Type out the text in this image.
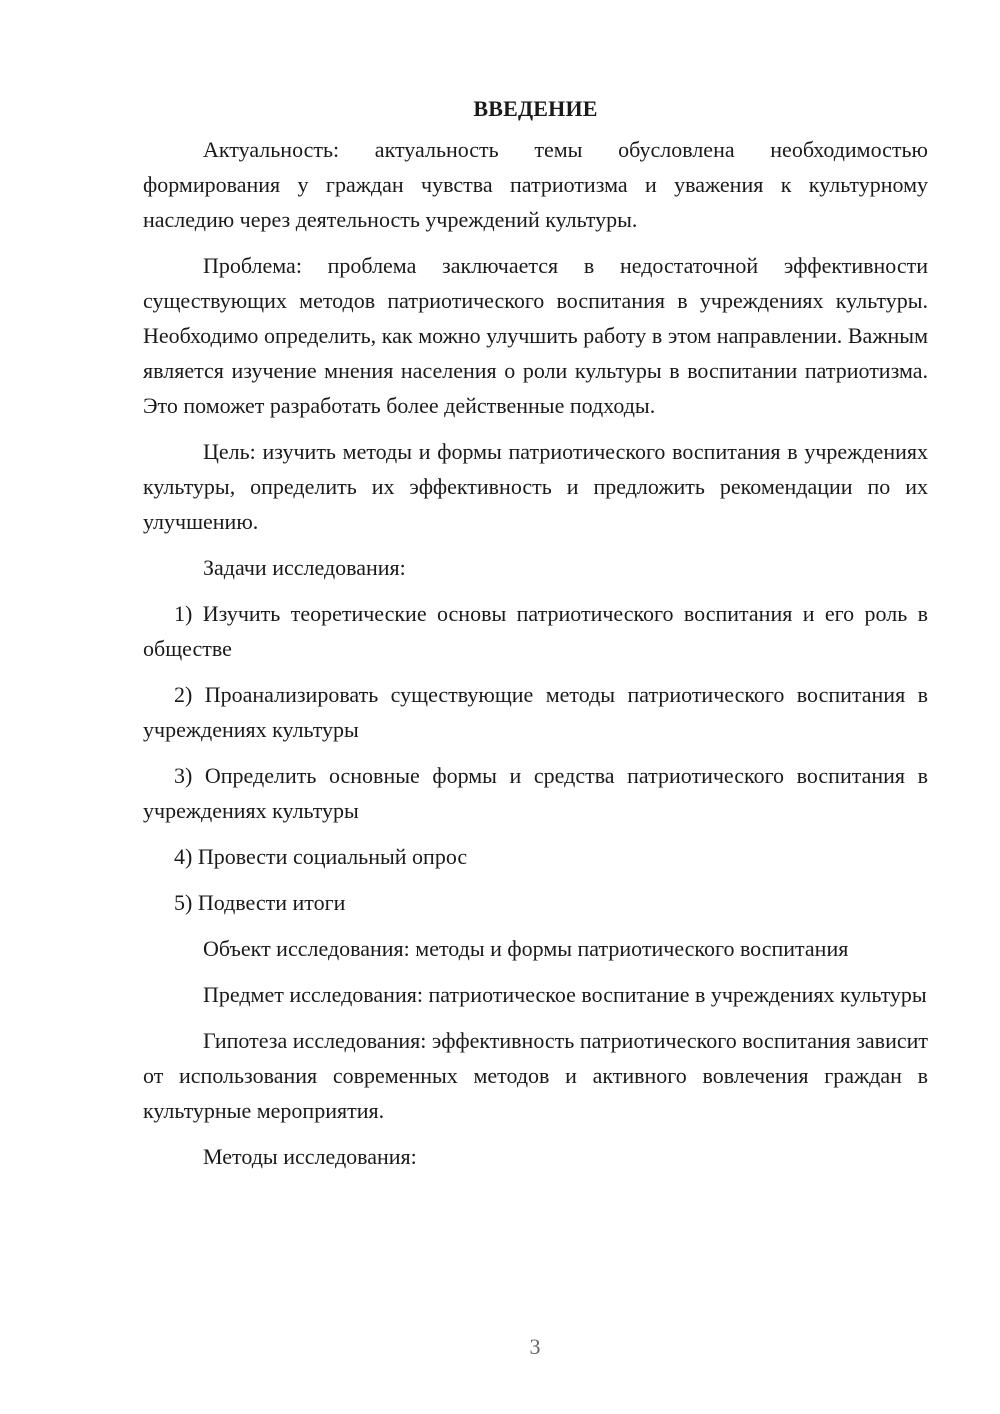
ВВЕДЕНИЕ

Актуальность: актуальность темы обусловлена необходимостью формирования у граждан чувства патриотизма и уважения к культурному наследию через деятельность учреждений культуры.

Проблема: проблема заключается в недостаточной эффективности существующих методов патриотического воспитания в учреждениях культуры. Необходимо определить, как можно улучшить работу в этом направлении. Важным является изучение мнения населения о роли культуры в воспитании патриотизма. Это поможет разработать более действенные подходы.

Цель: изучить методы и формы патриотического воспитания в учреждениях культуры, определить их эффективность и предложить рекомендации по их улучшению.

Задачи исследования:

1) Изучить теоретические основы патриотического воспитания и его роль в обществе

2) Проанализировать существующие методы патриотического воспитания в учреждениях культуры

3) Определить основные формы и средства патриотического воспитания в учреждениях культуры

4) Провести социальный опрос

5) Подвести итоги

Объект исследования: методы и формы патриотического воспитания

Предмет исследования: патриотическое воспитание в учреждениях культуры

Гипотеза исследования: эффективность патриотического воспитания зависит от использования современных методов и активного вовлечения граждан в культурные мероприятия.

Методы исследования:

3
